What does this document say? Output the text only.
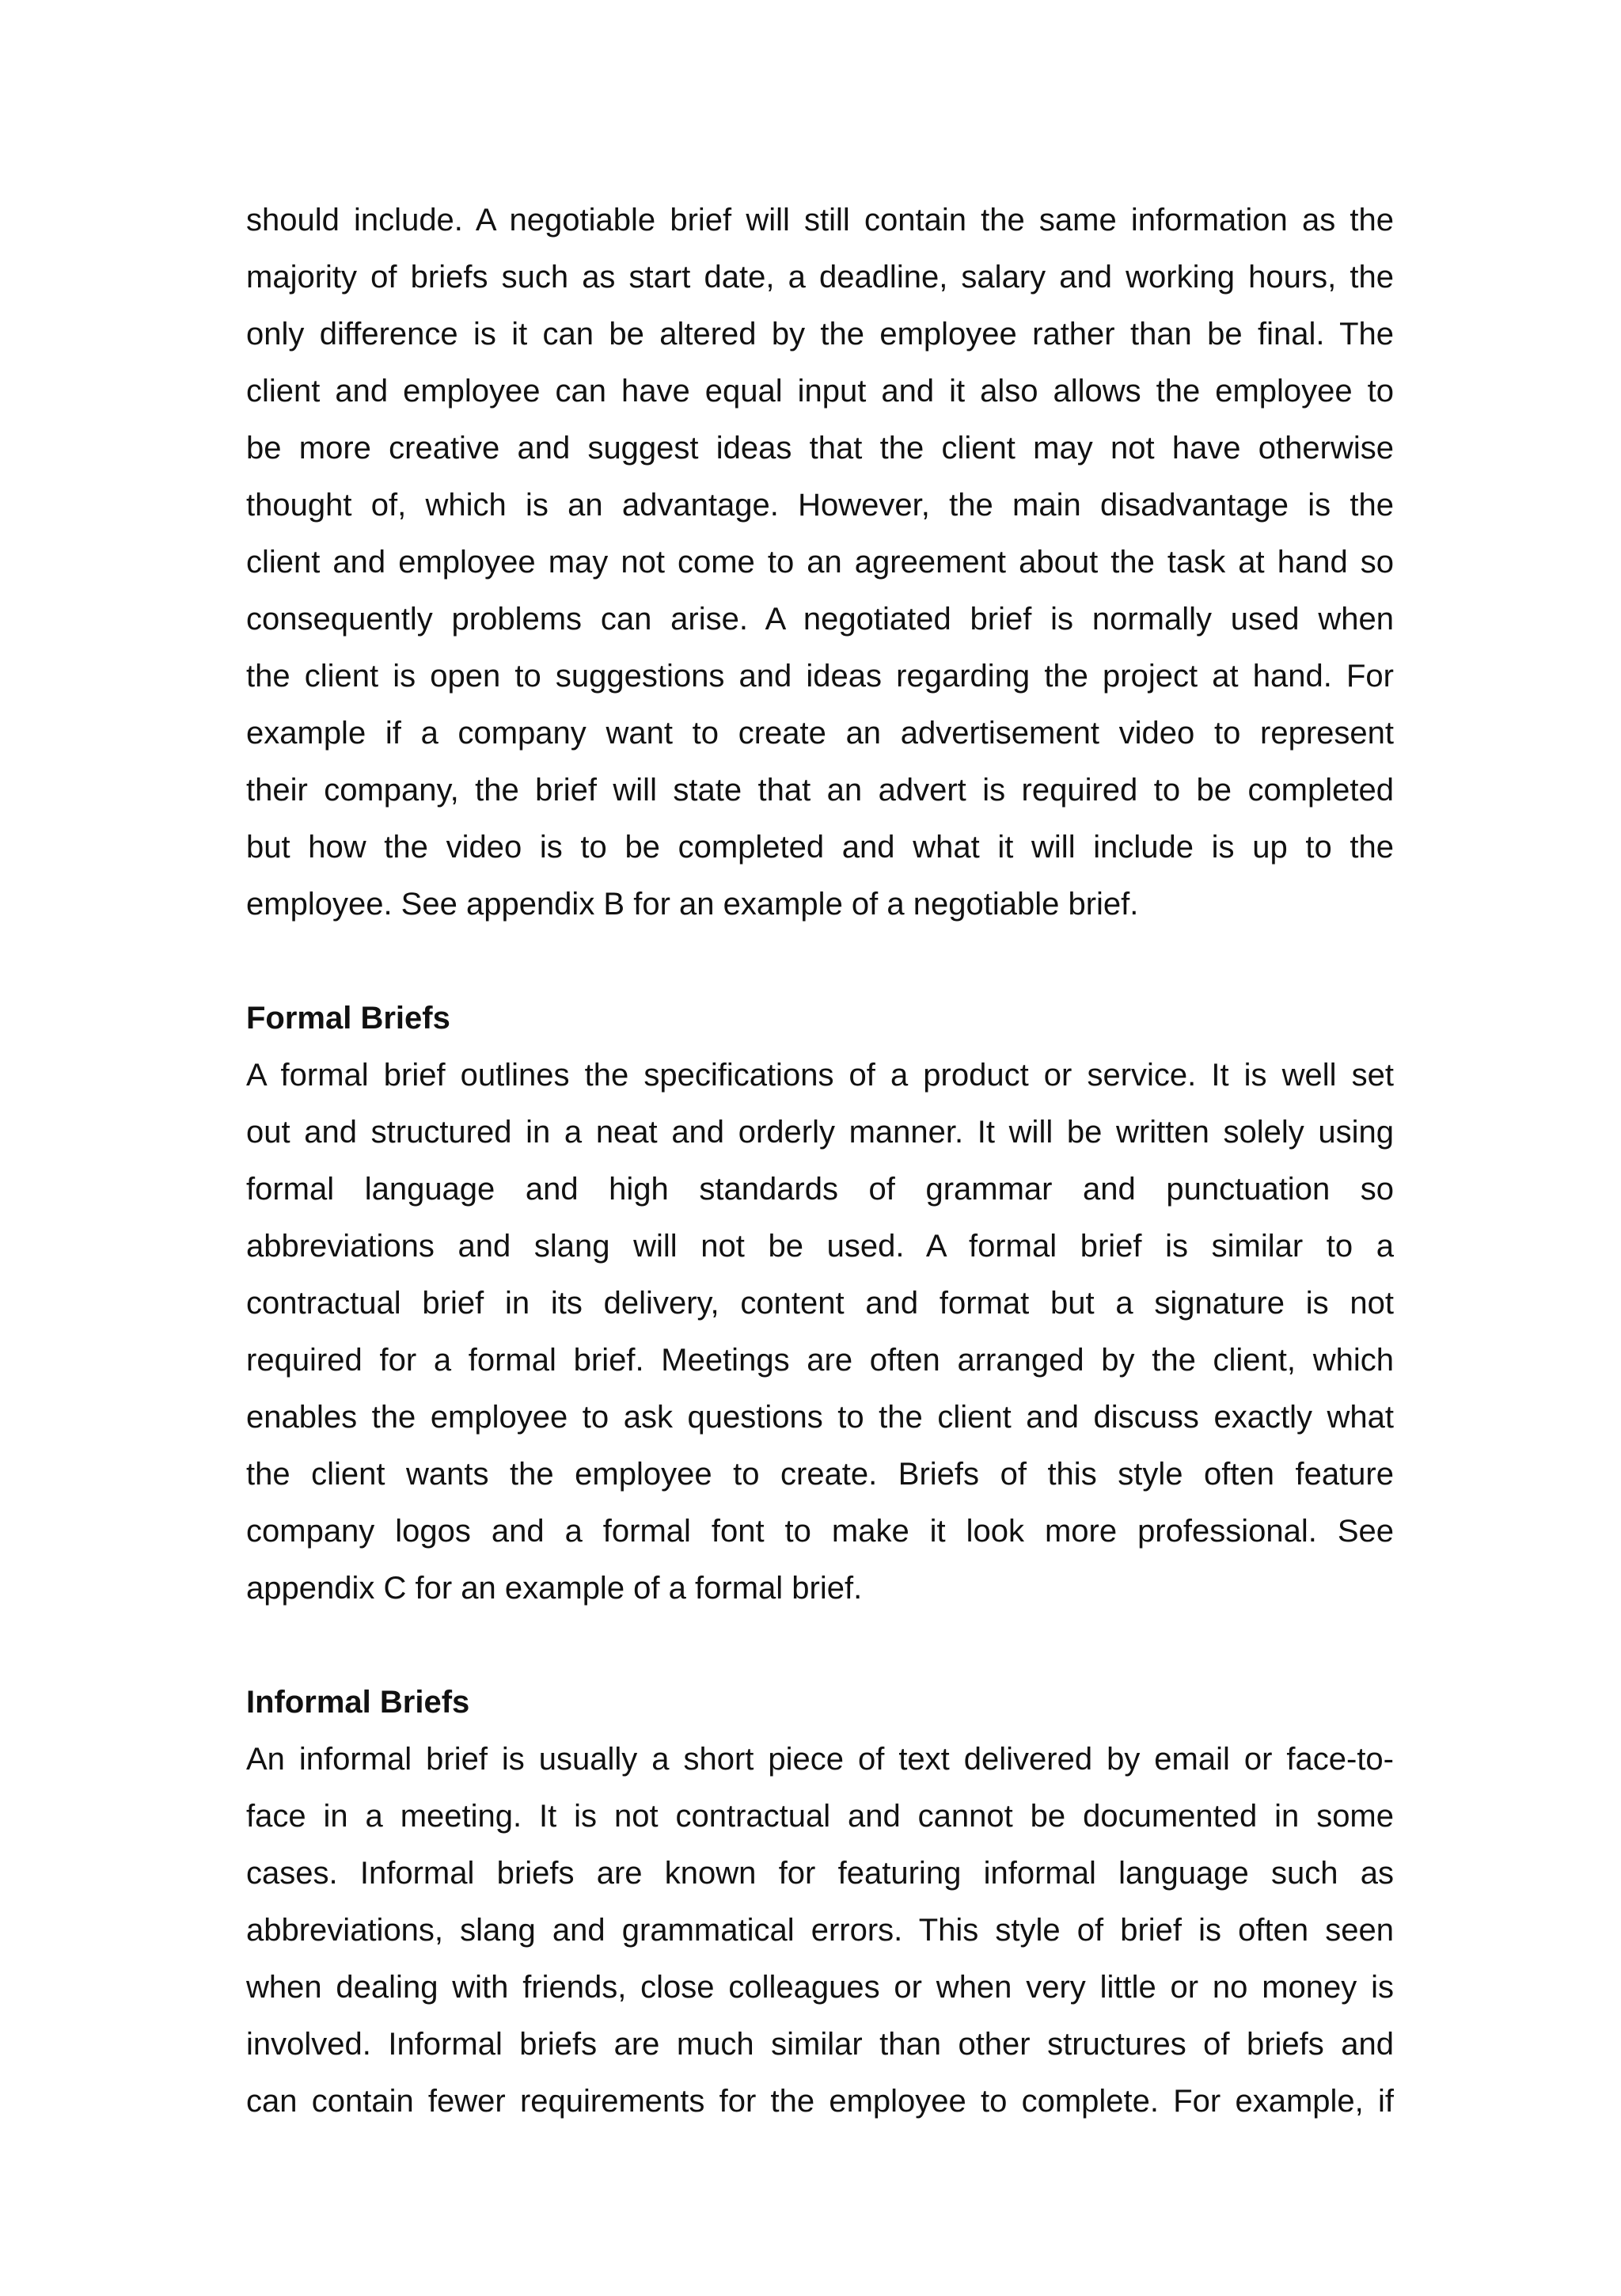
should include. A negotiable brief will still contain the same information as the
majority of briefs such as start date, a deadline, salary and working hours, the
only difference is it can be altered by the employee rather than be final. The
client and employee can have equal input and it also allows the employee to
be more creative and suggest ideas that the client may not have otherwise
thought of, which is an advantage. However, the main disadvantage is the
client and employee may not come to an agreement about the task at hand so
consequently problems can arise. A negotiated brief is normally used when
the client is open to suggestions and ideas regarding the project at hand. For
example if a company want to create an advertisement video to represent
their company, the brief will state that an advert is required to be completed
but how the video is to be completed and what it will include is up to the
employee. See appendix B for an example of a negotiable brief.
Formal Briefs
A formal brief outlines the specifications of a product or service. It is well set
out and structured in a neat and orderly manner. It will be written solely using
formal language and high standards of grammar and punctuation so
abbreviations and slang will not be used. A formal brief is similar to a
contractual brief in its delivery, content and format but a signature is not
required for a formal brief. Meetings are often arranged by the client, which
enables the employee to ask questions to the client and discuss exactly what
the client wants the employee to create. Briefs of this style often feature
company logos and a formal font to make it look more professional. See
appendix C for an example of a formal brief.
Informal Briefs
An informal brief is usually a short piece of text delivered by email or face-to-
face in a meeting. It is not contractual and cannot be documented in some
cases. Informal briefs are known for featuring informal language such as
abbreviations, slang and grammatical errors. This style of brief is often seen
when dealing with friends, close colleagues or when very little or no money is
involved. Informal briefs are much similar than other structures of briefs and
can contain fewer requirements for the employee to complete. For example, if
